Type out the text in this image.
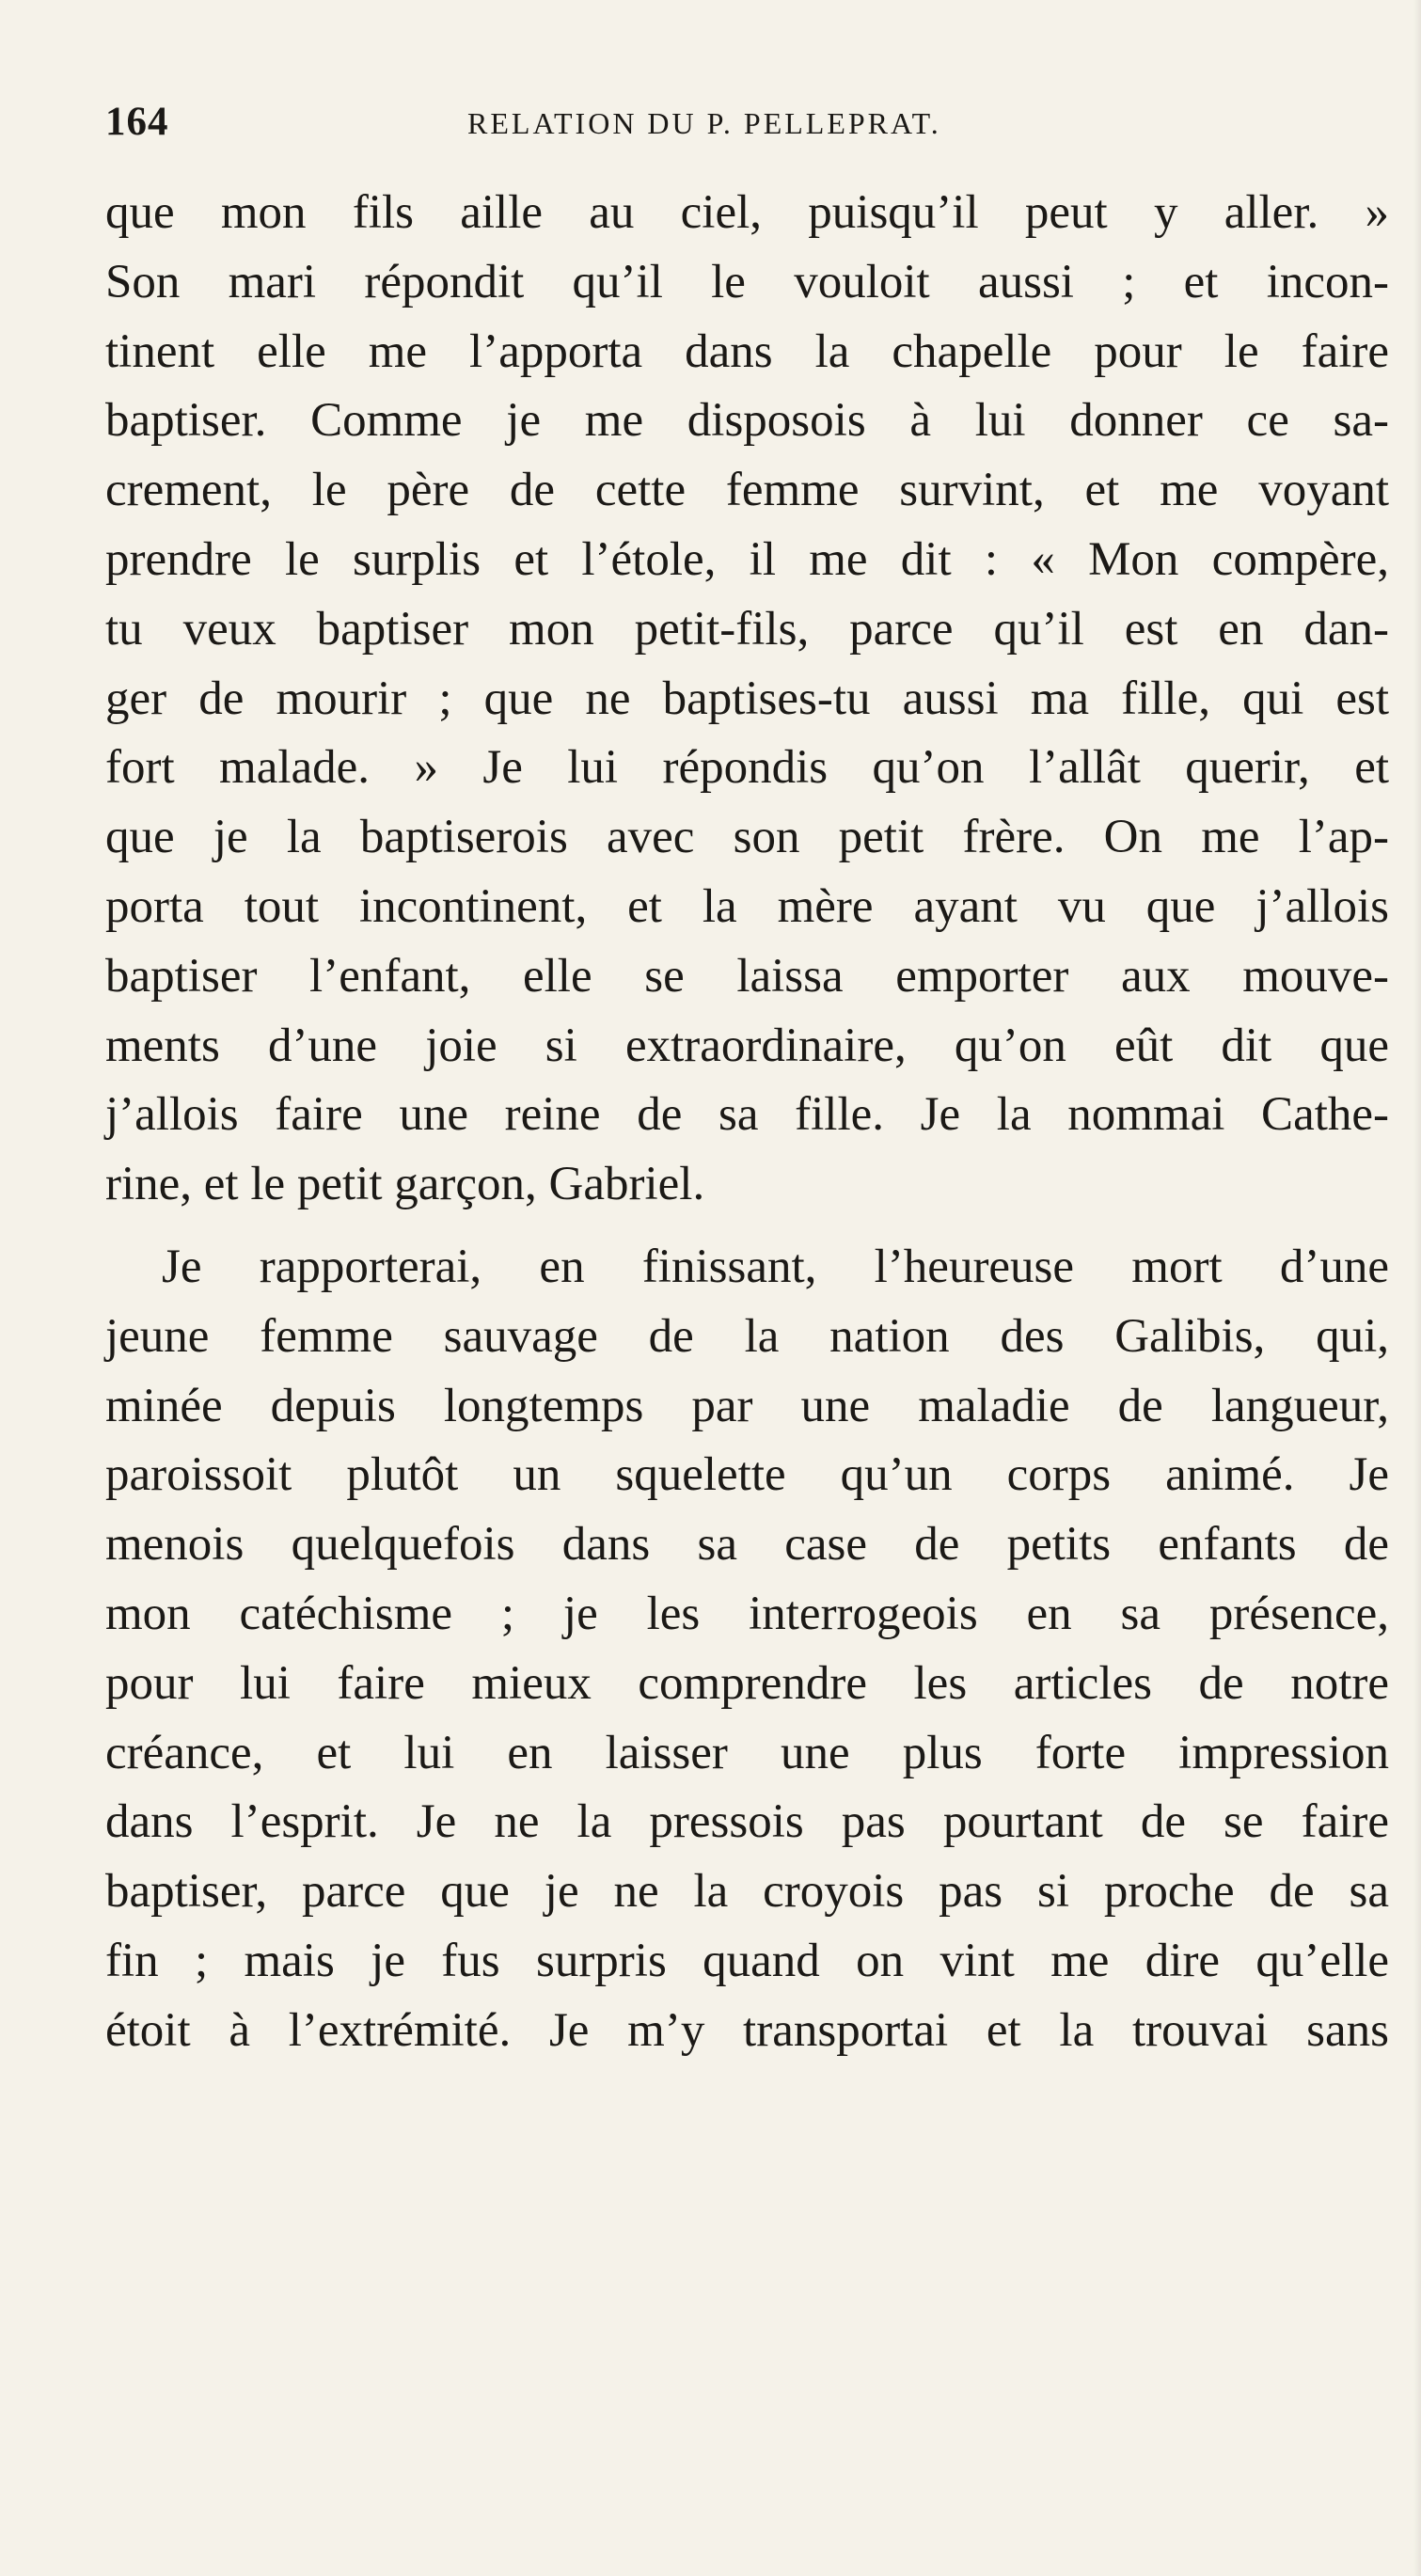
164	RELATION DU P. PELLEPRAT.
que mon fils aille au ciel, puisqu’il peut y aller. »
Son mari répondit qu’il le vouloit aussi ; et incon-
tinent elle me l’apporta dans la chapelle pour le faire
baptiser. Comme je me disposois à lui donner ce sa-
crement, le père de cette femme survint, et me voyant
prendre le surplis et l’étole, il me dit : « Mon compère,
tu veux baptiser mon petit-fils, parce qu’il est en dan-
ger de mourir ; que ne baptises-tu aussi ma fille, qui est
fort malade. » Je lui répondis qu’on l’allât querir, et
que je la baptiserois avec son petit frère. On me l’ap-
porta tout incontinent, et la mère ayant vu que j’allois
baptiser l’enfant, elle se laissa emporter aux mouve-
ments d’une joie si extraordinaire, qu’on eût dit que
j’allois faire une reine de sa fille. Je la nommai Cathe-
rine, et le petit garçon, Gabriel.
Je rapporterai, en finissant, l’heureuse mort d’une
jeune femme sauvage de la nation des Galibis, qui,
minée depuis longtemps par une maladie de langueur,
paroissoit plutôt un squelette qu’un corps animé. Je
menois quelquefois dans sa case de petits enfants de
mon catéchisme ; je les interrogeois en sa présence,
pour lui faire mieux comprendre les articles de notre
créance, et lui en laisser une plus forte impression
dans l’esprit. Je ne la pressois pas pourtant de se faire
baptiser, parce que je ne la croyois pas si proche de sa
fin ; mais je fus surpris quand on vint me dire qu’elle
étoit à l’extrémité. Je m’y transportai et la trouvai sans
